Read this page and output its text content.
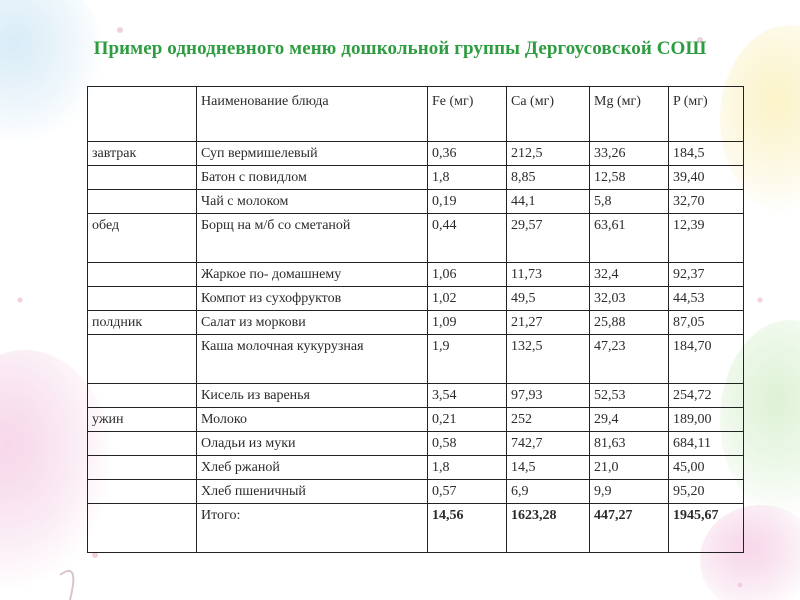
Пример однодневного меню дошкольной группы Дергоусовской СОШ
	Наименование блюда	Fe (мг)	Ca (мг)	Mg (мг)	P (мг)
завтрак	Суп вермишелевый	0,36	212,5	33,26	184,5
	Батон с повидлом	1,8	8,85	12,58	39,40
	Чай с молоком	0,19	44,1	5,8	32,70
обед	Борщ на м/б со сметаной	0,44	29,57	63,61	12,39
	Жаркое по- домашнему	1,06	11,73	32,4	92,37
	Компот из сухофруктов	1,02	49,5	32,03	44,53
полдник	Салат из моркови	1,09	21,27	25,88	87,05
	Каша молочная кукурузная	1,9	132,5	47,23	184,70
	Кисель из варенья	3,54	97,93	52,53	254,72
ужин	Молоко	0,21	252	29,4	189,00
	Оладьи из муки	0,58	742,7	81,63	684,11
	Хлеб ржаной	1,8	14,5	21,0	45,00
	Хлеб пшеничный	0,57	6,9	9,9	95,20
	Итого:	14,56	1623,28	447,27	1945,67
